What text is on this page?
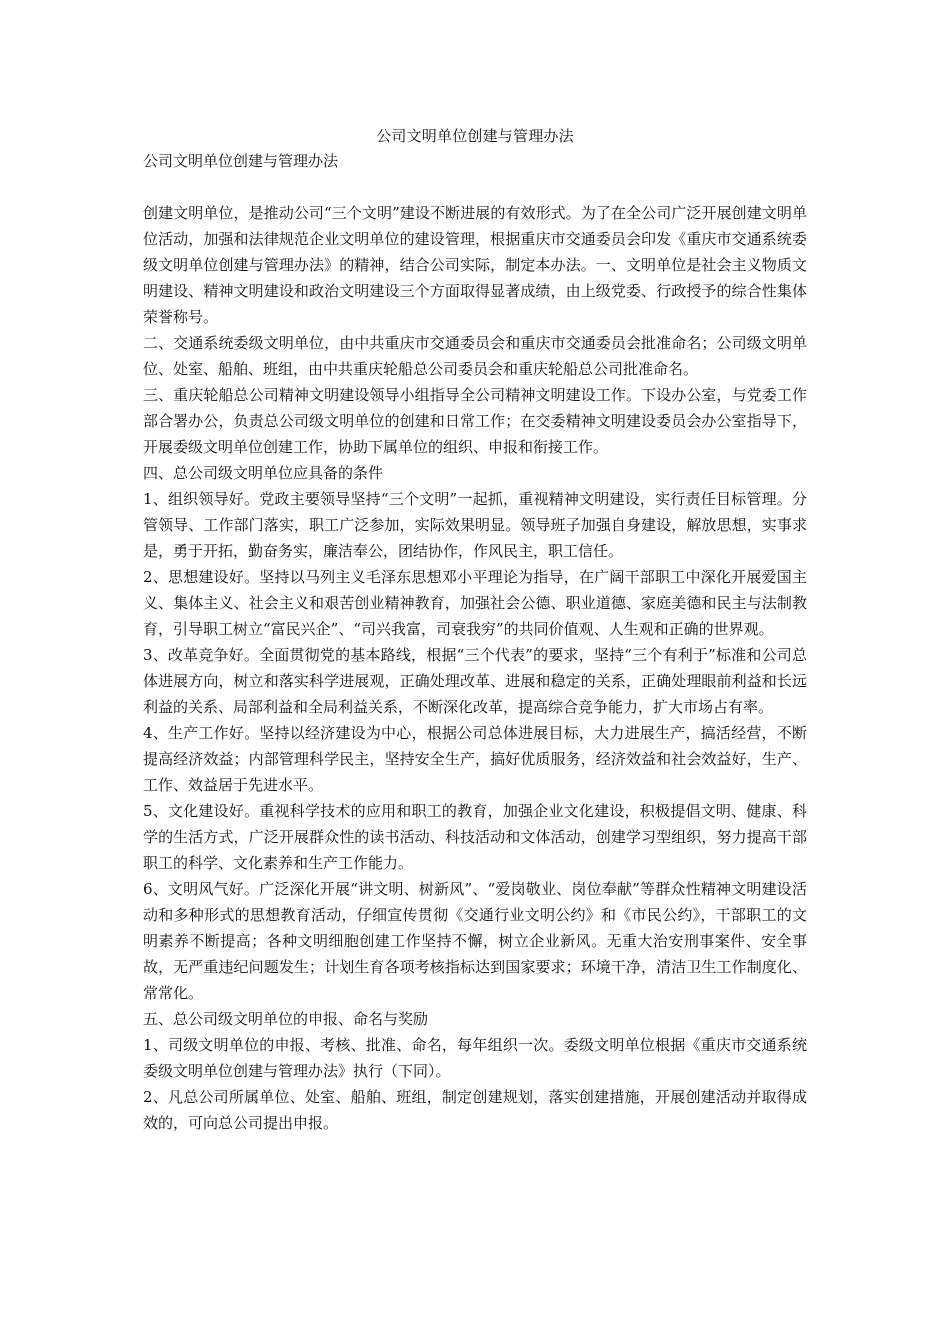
公司文明单位创建与管理办法
公司文明单位创建与管理办法

创建文明单位，是推动公司“三个文明”建设不断进展的有效形式。为了在全公司广泛开展创建文明单位活动，加强和法律规范企业文明单位的建设管理，根据重庆市交通委员会印发《重庆市交通系统委级文明单位创建与管理办法》的精神，结合公司实际，制定本办法。一、文明单位是社会主义物质文明建设、精神文明建设和政治文明建设三个方面取得显著成绩，由上级党委、行政授予的综合性集体荣誉称号。

二、交通系统委级文明单位，由中共重庆市交通委员会和重庆市交通委员会批准命名；公司级文明单位、处室、船舶、班组，由中共重庆轮船总公司委员会和重庆轮船总公司批准命名。

三、重庆轮船总公司精神文明建设领导小组指导全公司精神文明建设工作。下设办公室，与党委工作部合署办公，负责总公司级文明单位的创建和日常工作；在交委精神文明建设委员会办公室指导下，开展委级文明单位创建工作，协助下属单位的组织、申报和衔接工作。

四、总公司级文明单位应具备的条件

1、组织领导好。党政主要领导坚持“三个文明”一起抓，重视精神文明建设，实行责任目标管理。分管领导、工作部门落实，职工广泛参加，实际效果明显。领导班子加强自身建设，解放思想，实事求是，勇于开拓，勤奋务实，廉洁奉公，团结协作，作风民主，职工信任。

2、思想建设好。坚持以马列主义毛泽东思想邓小平理论为指导，在广阔干部职工中深化开展爱国主义、集体主义、社会主义和艰苦创业精神教育，加强社会公德、职业道德、家庭美德和民主与法制教育，引导职工树立“富民兴企”、“司兴我富，司衰我穷”的共同价值观、人生观和正确的世界观。

3、改革竞争好。全面贯彻党的基本路线，根据“三个代表”的要求，坚持“三个有利于”标准和公司总体进展方向，树立和落实科学进展观，正确处理改革、进展和稳定的关系，正确处理眼前利益和长远利益的关系、局部利益和全局利益关系，不断深化改革，提高综合竞争能力，扩大市场占有率。

4、生产工作好。坚持以经济建设为中心，根据公司总体进展目标，大力进展生产，搞活经营，不断提高经济效益；内部管理科学民主，坚持安全生产，搞好优质服务，经济效益和社会效益好，生产、工作、效益居于先进水平。

5、文化建设好。重视科学技术的应用和职工的教育，加强企业文化建设，积极提倡文明、健康、科学的生活方式，广泛开展群众性的读书活动、科技活动和文体活动，创建学习型组织，努力提高干部职工的科学、文化素养和生产工作能力。

6、文明风气好。广泛深化开展“讲文明、树新风”、“爱岗敬业、岗位奉献”等群众性精神文明建设活动和多种形式的思想教育活动，仔细宣传贯彻《交通行业文明公约》和《市民公约》，干部职工的文明素养不断提高；各种文明细胞创建工作坚持不懈，树立企业新风。无重大治安刑事案件、安全事故，无严重违纪问题发生；计划生育各项考核指标达到国家要求；环境干净，清洁卫生工作制度化、常常化。

五、总公司级文明单位的申报、命名与奖励

1、司级文明单位的申报、考核、批准、命名，每年组织一次。委级文明单位根据《重庆市交通系统委级文明单位创建与管理办法》执行（下同）。

2、凡总公司所属单位、处室、船舶、班组，制定创建规划，落实创建措施，开展创建活动并取得成效的，可向总公司提出申报。
